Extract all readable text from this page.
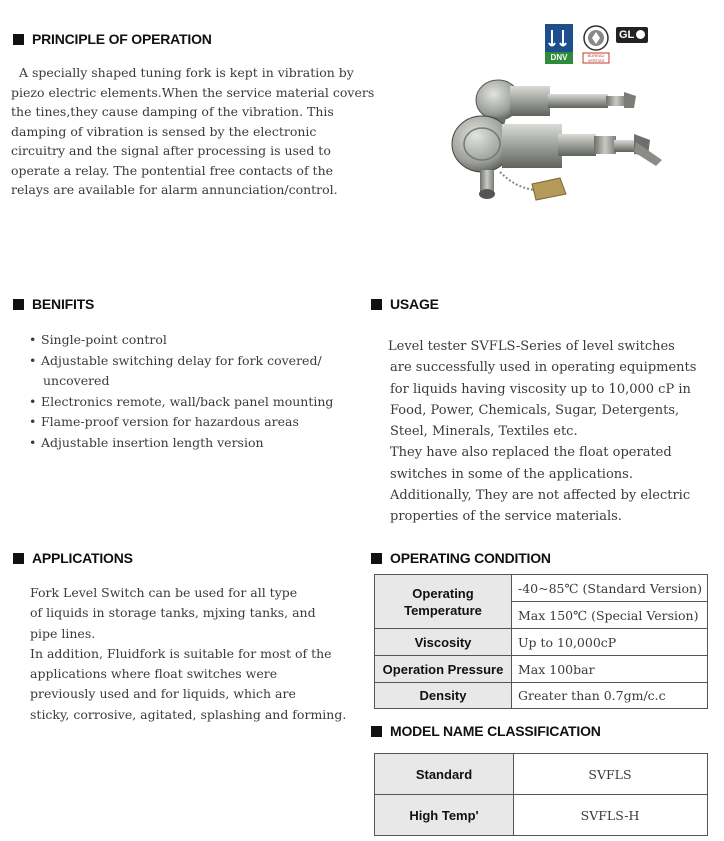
PRINCIPLE OF OPERATION

A specially shaped tuning fork is kept in vibration by

piezo electric elements.When the service material covers

the tines,they cause damping of the vibration. This

damping of vibration is sensed by the electronic

circuitry and the signal after processing is used to

operate a relay. The pontential free contacts of the

relays are available for alarm annunciation/control.

DNV	BUREAU
VERITAS
GL
BENIFITS
• Single-point control
• Adjustable switching delay for fork covered/
uncovered
• Electronics remote, wall/back panel mounting
• Flame-proof version for hazardous areas
• Adjustable insertion length version
USAGE

Level tester SVFLS-Series of level switches

are successfully used in operating equipments

for liquids having viscosity up to 10,000 cP in

Food, Power, Chemicals, Sugar, Detergents,

Steel, Minerals, Textiles etc.

They have also replaced the float operated

switches in some of the applications.

Additionally, They are not affected by electric

properties of the service materials.

APPLICATIONS

Fork Level Switch can be used for all type

of liquids in storage tanks, mjxing tanks, and

pipe lines.

In addition, Fluidfork is suitable for most of the

applications where float switches were

previously used and for liquids, which are

sticky, corrosive, agitated, splashing and forming.

OPERATING CONDITION
Operating
Temperature	-40~85℃ (Standard Version)
	Max 150℃ (Special Version)
Viscosity	Up to 10,000cP
Operation Pressure	Max 100bar
Density	Greater than 0.7gm/c.c
MODEL NAME CLASSIFICATION
Standard	SVFLS
High Temp'	SVFLS-H
